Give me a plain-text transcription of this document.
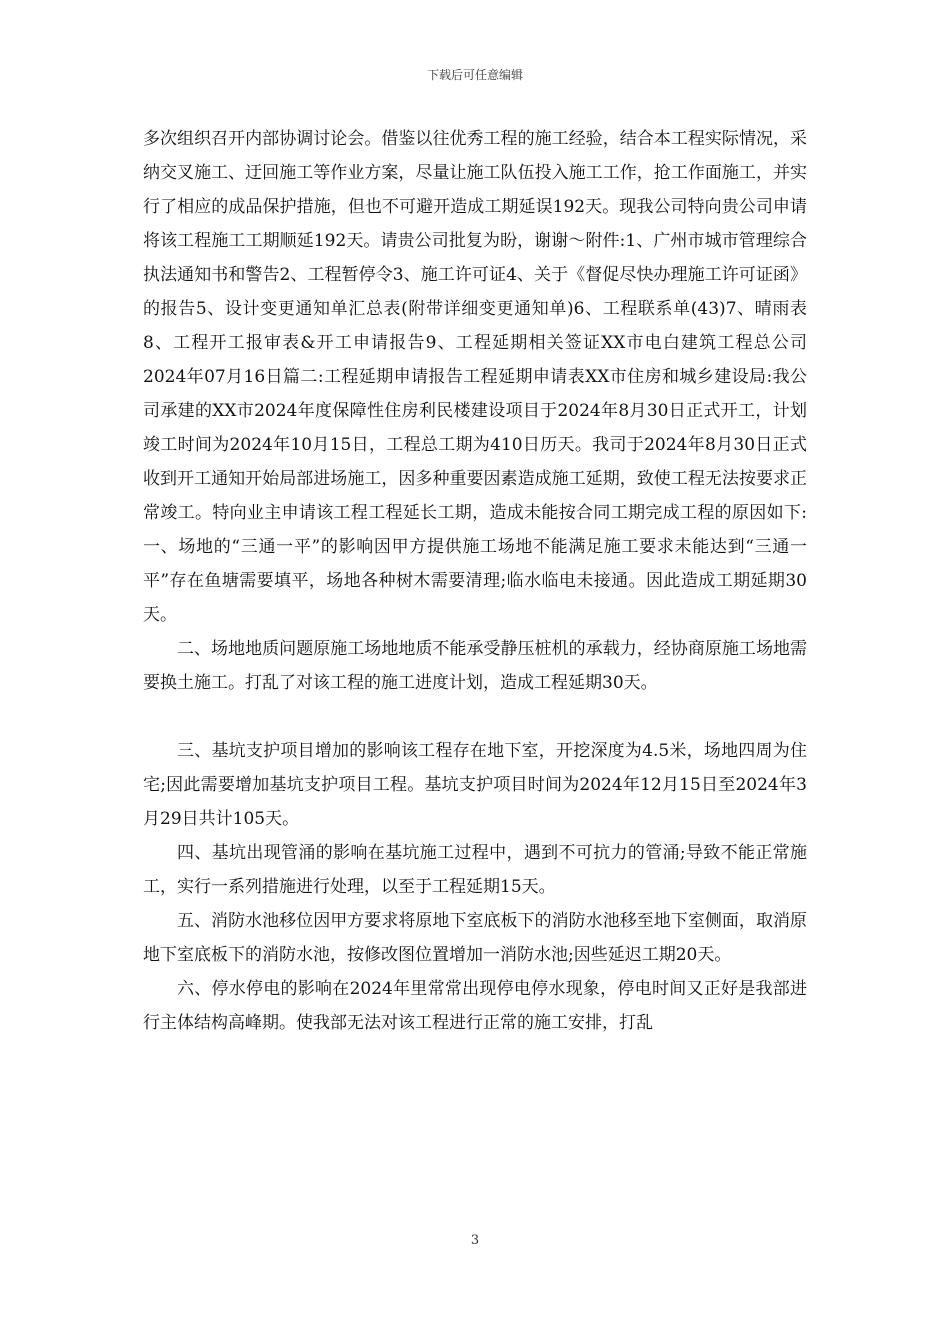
下载后可任意编辑

多次组织召开内部协调讨论会。借鉴以往优秀工程的施工经验，结合本工程实际情况，采纳交叉施工、迂回施工等作业方案，尽量让施工队伍投入施工工作，抢工作面施工，并实行了相应的成品保护措施，但也不可避开造成工期延误192天。现我公司特向贵公司申请将该工程施工工期顺延192天。请贵公司批复为盼，谢谢～附件:1、广州市城市管理综合执法通知书和警告2、工程暂停令3、施工许可证4、关于《督促尽快办理施工许可证函》的报告5、设计变更通知单汇总表(附带详细变更通知单)6、工程联系单(43)7、晴雨表8、工程开工报审表&开工申请报告9、工程延期相关签证XX市电白建筑工程总公司2024年07月16日篇二:工程延期申请报告工程延期申请表XX市住房和城乡建设局:我公司承建的XX市2024年度保障性住房利民楼建设项目于2024年8月30日正式开工，计划竣工时间为2024年10月15日，工程总工期为410日历天。我司于2024年8月30日正式收到开工通知开始局部进场施工，因多种重要因素造成施工延期，致使工程无法按要求正常竣工。特向业主申请该工程工程延长工期，造成未能按合同工期完成工程的原因如下:一、场地的“三通一平”的影响因甲方提供施工场地不能满足施工要求未能达到“三通一平”存在鱼塘需要填平，场地各种树木需要清理;临水临电未接通。因此造成工期延期30天。

二、场地地质问题原施工场地地质不能承受静压桩机的承载力，经协商原施工场地需要换土施工。打乱了对该工程的施工进度计划，造成工程延期30天。

三、基坑支护项目增加的影响该工程存在地下室，开挖深度为4.5米，场地四周为住宅;因此需要增加基坑支护项目工程。基坑支护项目时间为2024年12月15日至2024年3月29日共计105天。

四、基坑出现管涌的影响在基坑施工过程中，遇到不可抗力的管涌;导致不能正常施工，实行一系列措施进行处理，以至于工程延期15天。

五、消防水池移位因甲方要求将原地下室底板下的消防水池移至地下室侧面，取消原地下室底板下的消防水池，按修改图位置增加一消防水池;因些延迟工期20天。

六、停水停电的影响在2024年里常常出现停电停水现象，停电时间又正好是我部进行主体结构高峰期。使我部无法对该工程进行正常的施工安排，打乱

3
